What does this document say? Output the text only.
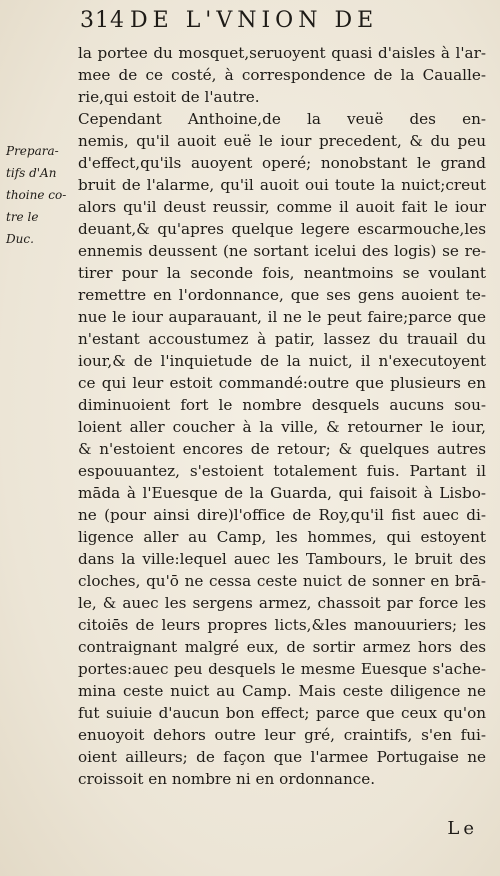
314 DE L'VNION DE
Prepara-
tifs d'An
thoine co-
tre le
Duc.
la portee du mosquet,seruoyent quasi d'aisles à l'ar-
mee de ce costé, à correspondence de la Caualle-
rie,qui estoit de l'autre.
Cependant Anthoine,de la veuë des en-
nemis, qu'il auoit euë le iour precedent, & du peu
d'effect,qu'ils auoyent operé; nonobstant le grand
bruit de l'alarme, qu'il auoit oui toute la nuict;creut
alors qu'il deust reussir, comme il auoit fait le iour
deuant,& qu'apres quelque legere escarmouche,les
ennemis deussent (ne sortant icelui des logis) se re-
tirer pour la seconde fois, neantmoins se voulant
remettre en l'ordonnance, que ses gens auoient te-
nue le iour auparauant, il ne le peut faire;parce que
n'estant accoustumez à patir, lassez du trauail du
iour,& de l'inquietude de la nuict, il n'executoyent
ce qui leur estoit commandé:outre que plusieurs en
diminuoient fort le nombre desquels aucuns sou-
loient aller coucher à la ville, & retourner le iour,
& n'estoient encores de retour; & quelques autres
espouuantez, s'estoient totalement fuis. Partant il
māda à l'Euesque de la Guarda, qui faisoit à Lisbo-
ne (pour ainsi dire)l'office de Roy,qu'il fist auec di-
ligence aller au Camp, les hommes, qui estoyent
dans la ville:lequel auec les Tambours, le bruit des
cloches, qu'ō ne cessa ceste nuict de sonner en brā-
le, & auec les sergens armez, chassoit par force les
citoiēs de leurs propres licts,&les manouuriers; les
contraignant malgré eux, de sortir armez hors des
portes:auec peu desquels le mesme Euesque s'ache-
mina ceste nuict au Camp. Mais ceste diligence ne
fut suiuie d'aucun bon effect; parce que ceux qu'on
enuoyoit dehors outre leur gré, craintifs, s'en fui-
oient ailleurs; de façon que l'armee Portugaise ne
croissoit en nombre ni en ordonnance.
Le
